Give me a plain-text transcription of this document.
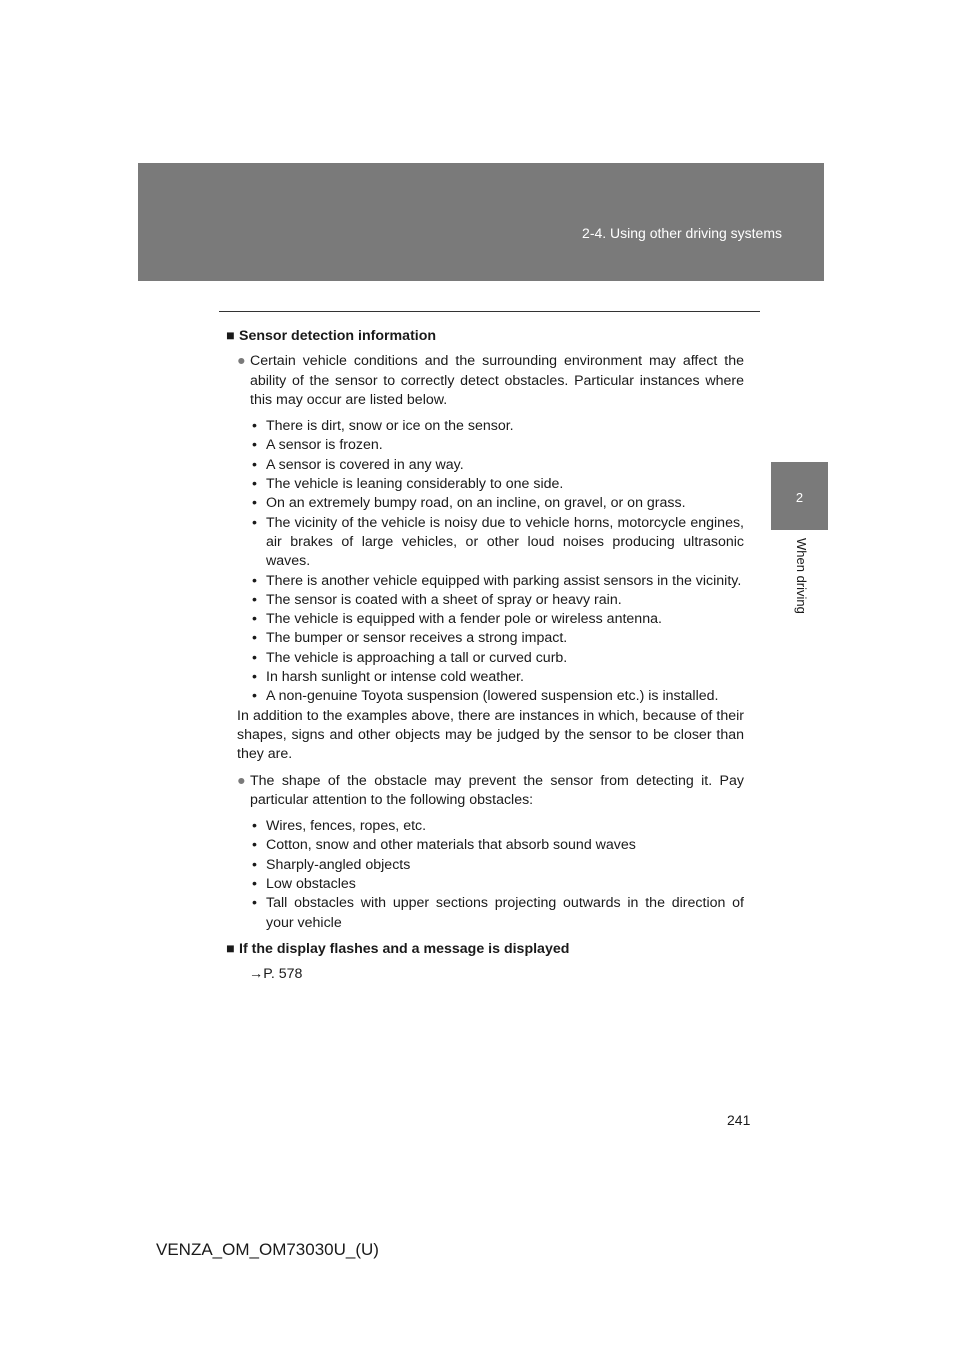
2-4. Using other driving systems
2
When driving

■ Sensor detection information

● Certain vehicle conditions and the surrounding environment may affect the ability of the sensor to correctly detect obstacles. Particular instances where this may occur are listed below.

• There is dirt, snow or ice on the sensor.
• A sensor is frozen.
• A sensor is covered in any way.
• The vehicle is leaning considerably to one side.
• On an extremely bumpy road, on an incline, on gravel, or on grass.
• The vicinity of the vehicle is noisy due to vehicle horns, motorcycle engines, air brakes of large vehicles, or other loud noises producing ultrasonic waves.
• There is another vehicle equipped with parking assist sensors in the vicinity.
• The sensor is coated with a sheet of spray or heavy rain.
• The vehicle is equipped with a fender pole or wireless antenna.
• The bumper or sensor receives a strong impact.
• The vehicle is approaching a tall or curved curb.
• In harsh sunlight or intense cold weather.
• A non-genuine Toyota suspension (lowered suspension etc.) is installed.

In addition to the examples above, there are instances in which, because of their shapes, signs and other objects may be judged by the sensor to be closer than they are.

● The shape of the obstacle may prevent the sensor from detecting it. Pay particular attention to the following obstacles:

• Wires, fences, ropes, etc.
• Cotton, snow and other materials that absorb sound waves
• Sharply-angled objects
• Low obstacles
• Tall obstacles with upper sections projecting outwards in the direction of your vehicle

■ If the display flashes and a message is displayed

→P. 578

241

VENZA_OM_OM73030U_(U)
